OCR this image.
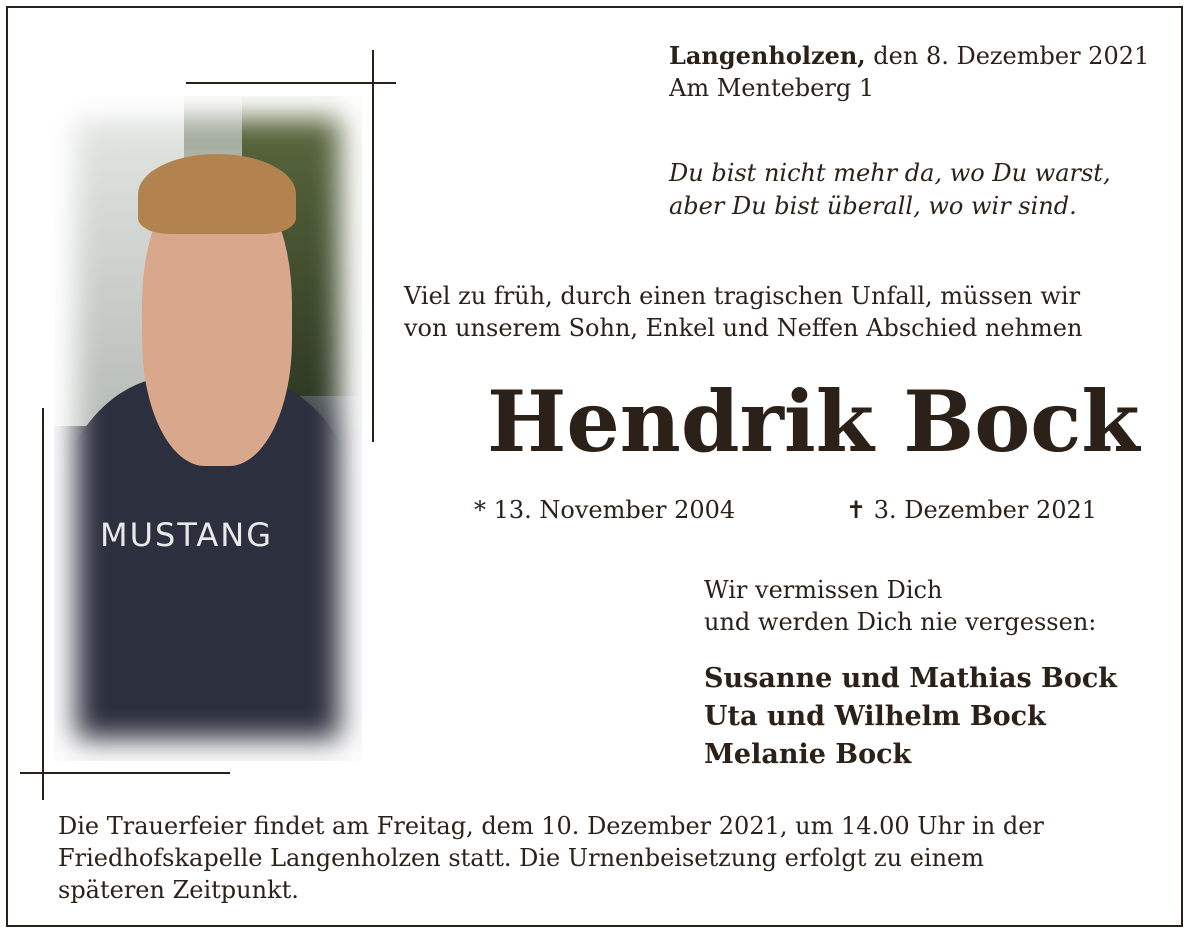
MUSTANG
Langenholzen, den 8. Dezember 2021
Am Menteberg 1
Du bist nicht mehr da, wo Du warst,
aber Du bist überall, wo wir sind.
Viel zu früh, durch einen tragischen Unfall, müssen wir
von unserem Sohn, Enkel und Neffen Abschied nehmen
Hendrik Bock
* 13. November 2004	✝ 3. Dezember 2021
Wir vermissen Dich
und werden Dich nie vergessen:
Susanne und Mathias Bock
Uta und Wilhelm Bock
Melanie Bock
Die Trauerfeier findet am Freitag, dem 10. Dezember 2021, um 14.00 Uhr in der
Friedhofskapelle Langenholzen statt. Die Urnenbeisetzung erfolgt zu einem
späteren Zeitpunkt.
